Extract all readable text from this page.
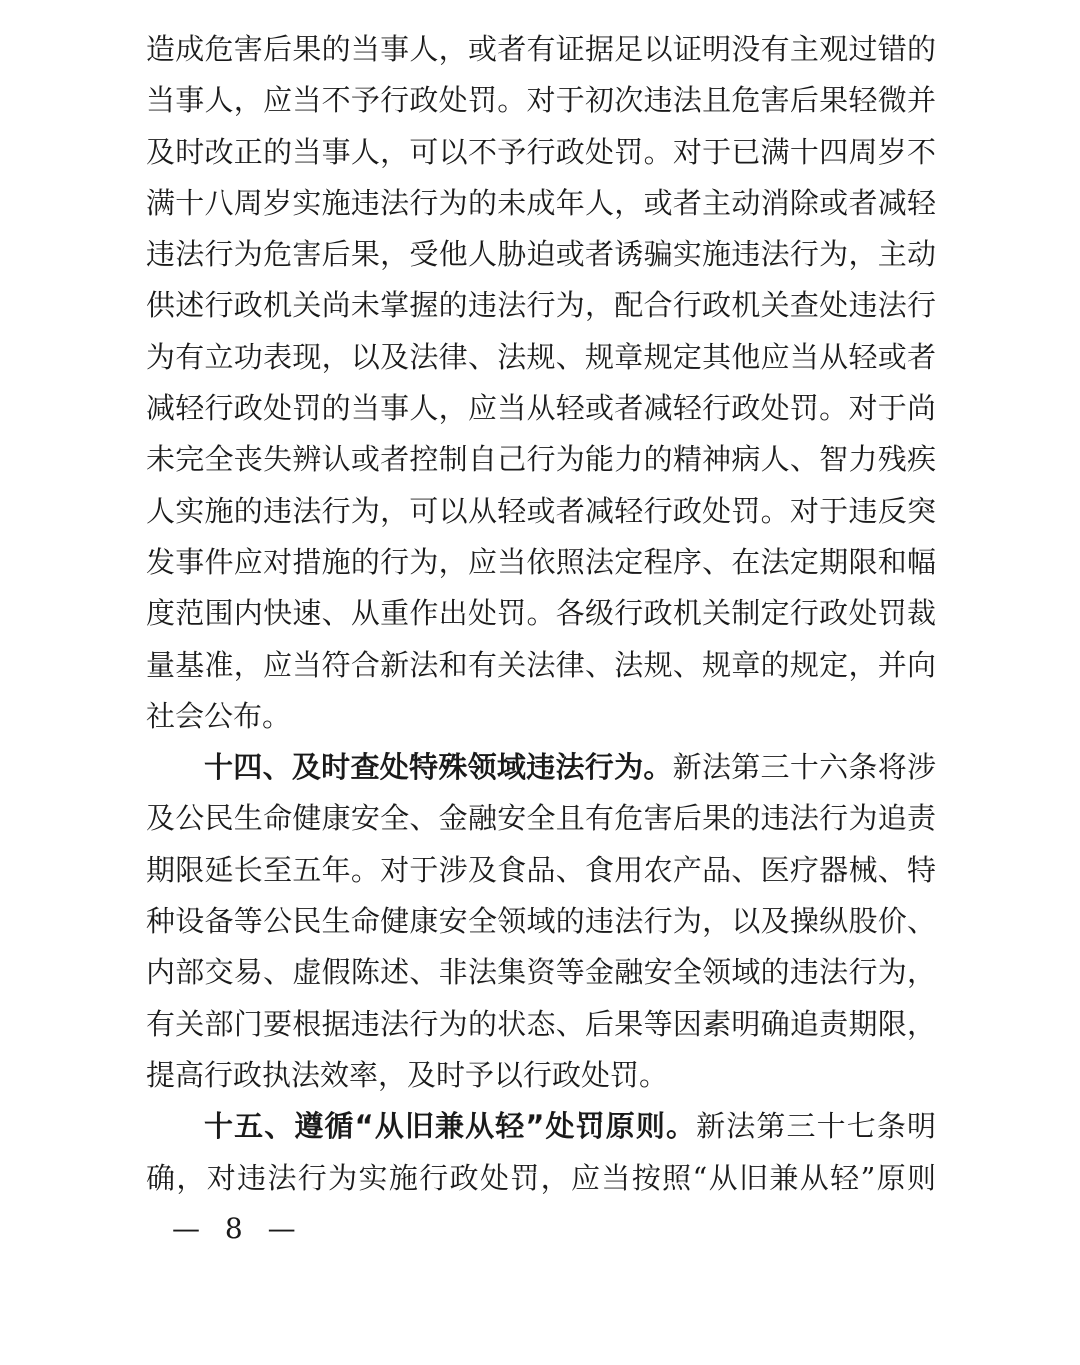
造成危害后果的当事人，或者有证据足以证明没有主观过错的
当事人，应当不予行政处罚。对于初次违法且危害后果轻微并
及时改正的当事人，可以不予行政处罚。对于已满十四周岁不
满十八周岁实施违法行为的未成年人，或者主动消除或者减轻
违法行为危害后果，受他人胁迫或者诱骗实施违法行为，主动
供述行政机关尚未掌握的违法行为，配合行政机关查处违法行
为有立功表现，以及法律、法规、规章规定其他应当从轻或者
减轻行政处罚的当事人，应当从轻或者减轻行政处罚。对于尚
未完全丧失辨认或者控制自己行为能力的精神病人、智力残疾
人实施的违法行为，可以从轻或者减轻行政处罚。对于违反突
发事件应对措施的行为，应当依照法定程序、在法定期限和幅
度范围内快速、从重作出处罚。各级行政机关制定行政处罚裁
量基准，应当符合新法和有关法律、法规、规章的规定，并向
社会公布。
十四、及时查处特殊领域违法行为。新法第三十六条将涉
及公民生命健康安全、金融安全且有危害后果的违法行为追责
期限延长至五年。对于涉及食品、食用农产品、医疗器械、特
种设备等公民生命健康安全领域的违法行为，以及操纵股价、
内部交易、虚假陈述、非法集资等金融安全领域的违法行为，
有关部门要根据违法行为的状态、后果等因素明确追责期限，
提高行政执法效率，及时予以行政处罚。
十五、遵循“从旧兼从轻”处罚原则。新法第三十七条明
确，对违法行为实施行政处罚，应当按照“从旧兼从轻”原则
— 8 —
